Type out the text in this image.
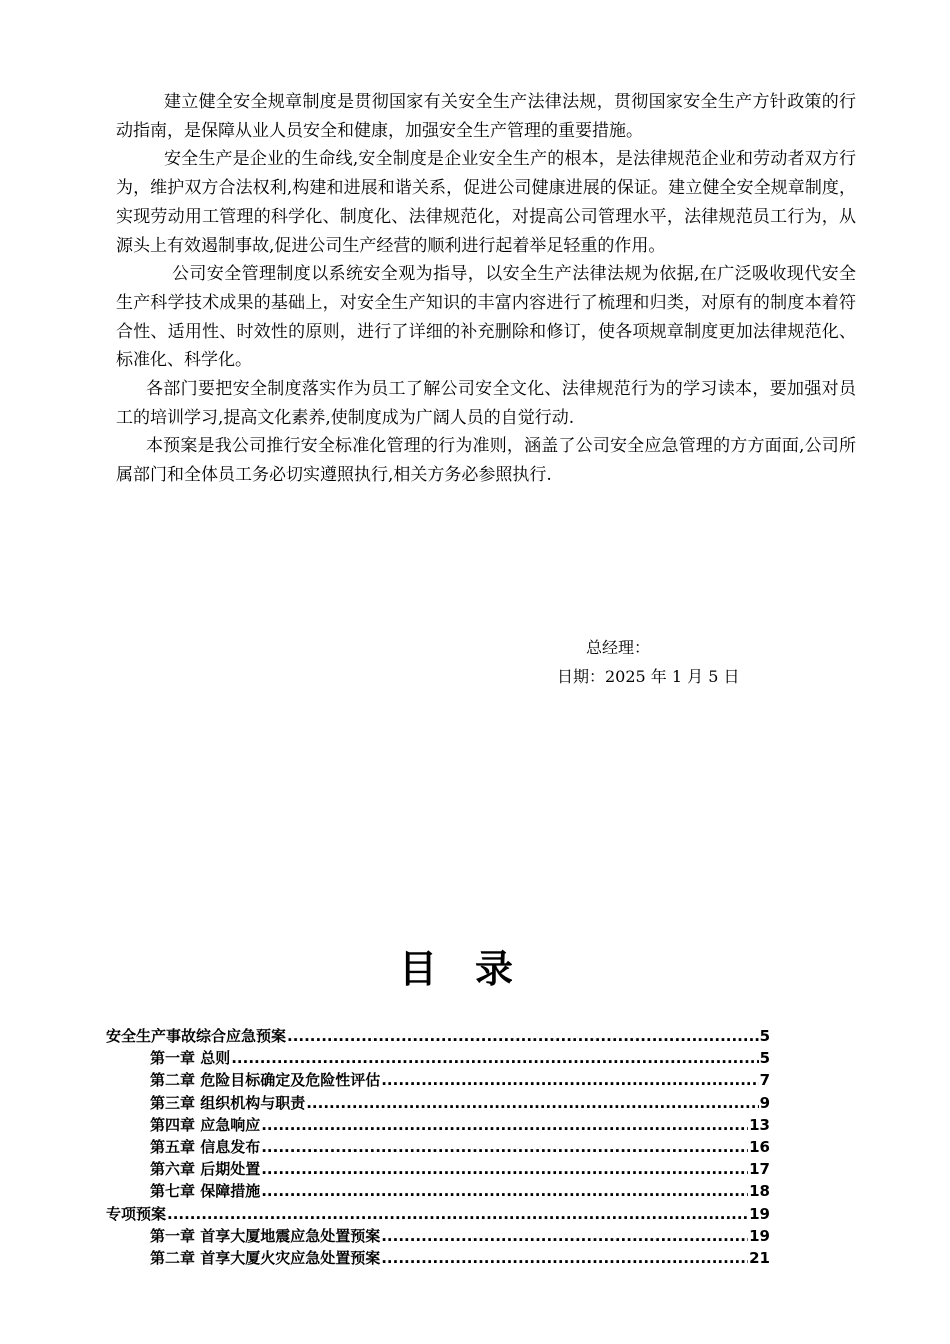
建立健全安全规章制度是贯彻国家有关安全生产法律法规，贯彻国家安全生产方针政策的行动指南，是保障从业人员安全和健康，加强安全生产管理的重要措施。

安全生产是企业的生命线,安全制度是企业安全生产的根本，是法律规范企业和劳动者双方行为，维护双方合法权利,构建和进展和谐关系，促进公司健康进展的保证。建立健全安全规章制度，实现劳动用工管理的科学化、制度化、法律规范化，对提高公司管理水平，法律规范员工行为，从源头上有效遏制事故,促进公司生产经营的顺利进行起着举足轻重的作用。

公司安全管理制度以系统安全观为指导，以安全生产法律法规为依据,在广泛吸收现代安全生产科学技术成果的基础上，对安全生产知识的丰富内容进行了梳理和归类，对原有的制度本着符合性、适用性、时效性的原则，进行了详细的补充删除和修订，使各项规章制度更加法律规范化、标准化、科学化。

各部门要把安全制度落实作为员工了解公司安全文化、法律规范行为的学习读本，要加强对员工的培训学习,提高文化素养,使制度成为广阔人员的自觉行动.

本预案是我公司推行安全标准化管理的行为准则，涵盖了公司安全应急管理的方方面面,公司所属部门和全体员工务必切实遵照执行,相关方务必参照执行.

总经理：
日期：2025 年 1 月 5 日
目录
安全生产事故综合应急预案 .....	5
第一章 总则 .....	5
第二章 危险目标确定及危险性评估 .....	7
第三章 组织机构与职责 .....	9
第四章 应急响应 .....	13
第五章 信息发布 .....	16
第六章 后期处置 .....	17
第七章 保障措施 .....	18
专项预案 .....	19
第一章 首享大厦地震应急处置预案 .....	19
第二章 首享大厦火灾应急处置预案 .....	21
